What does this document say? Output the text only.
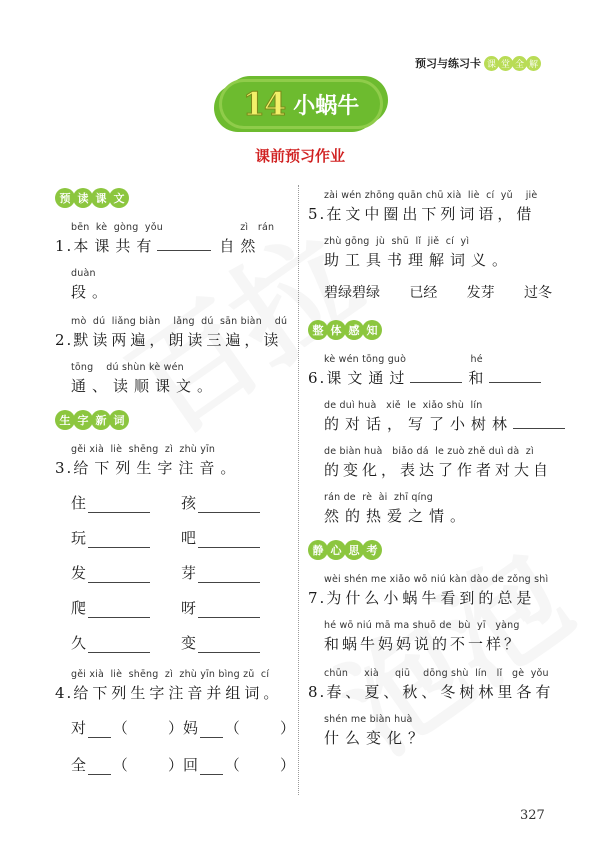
预习与练习卡 课 堂 全 解
14 小蜗牛
课前预习作业
预 读 课 文
bēn  kè  gòng  yǒu                        zì   rán
1.本课共有	自然
duàn
段。
mò  dú  liǎng biàn    lǎng  dú  sān biàn    dú
2.默读两遍，朗读三遍，读
tōng    dú shùn kè wén
通、读顺课文。
生 字 新 词
gěi xià  liè  shēng  zì  zhù yīn
3.给下列生字注音。
住	孩
玩	吧
发	芽
爬	呀
久	变
gěi xià  liè  shēng  zì  zhù yīn bìng zǔ  cí
4.给下列生字注音并组词。
对 （	） 妈 （	）
全 （	） 回 （	）
zài wén zhōng quān chū xià  liè  cí  yǔ    jiè
5.在文中圈出下列词语，借
zhù gōng  jù  shū  lǐ  jiě  cí  yì
助工具书理解词义。
碧绿碧绿 已经 发芽 过冬
整 体 感 知
kè wén tōng guò                    hé
6.课文通过	和
de duì huà   xiě  le  xiǎo shù  lín
的对话，写了小树林
de biàn huà   biǎo dá  le zuò zhě duì dà  zì
的变化，表达了作者对大自
rán de  rè  ài  zhī qíng
然的热爱之情。
静 心 思 考
wèi shén me xiǎo wō niú kàn dào de zǒng shì
7.为什么小蜗牛看到的总是
hé wō niú mā ma shuō de  bù  yī   yàng
和蜗牛妈妈说的不一样？
chūn     xià     qiū    dōng shù  lín   lǐ   gè  yǒu
8.春、夏、秋、冬树林里各有
shén me biàn huà
什么变化？
327
